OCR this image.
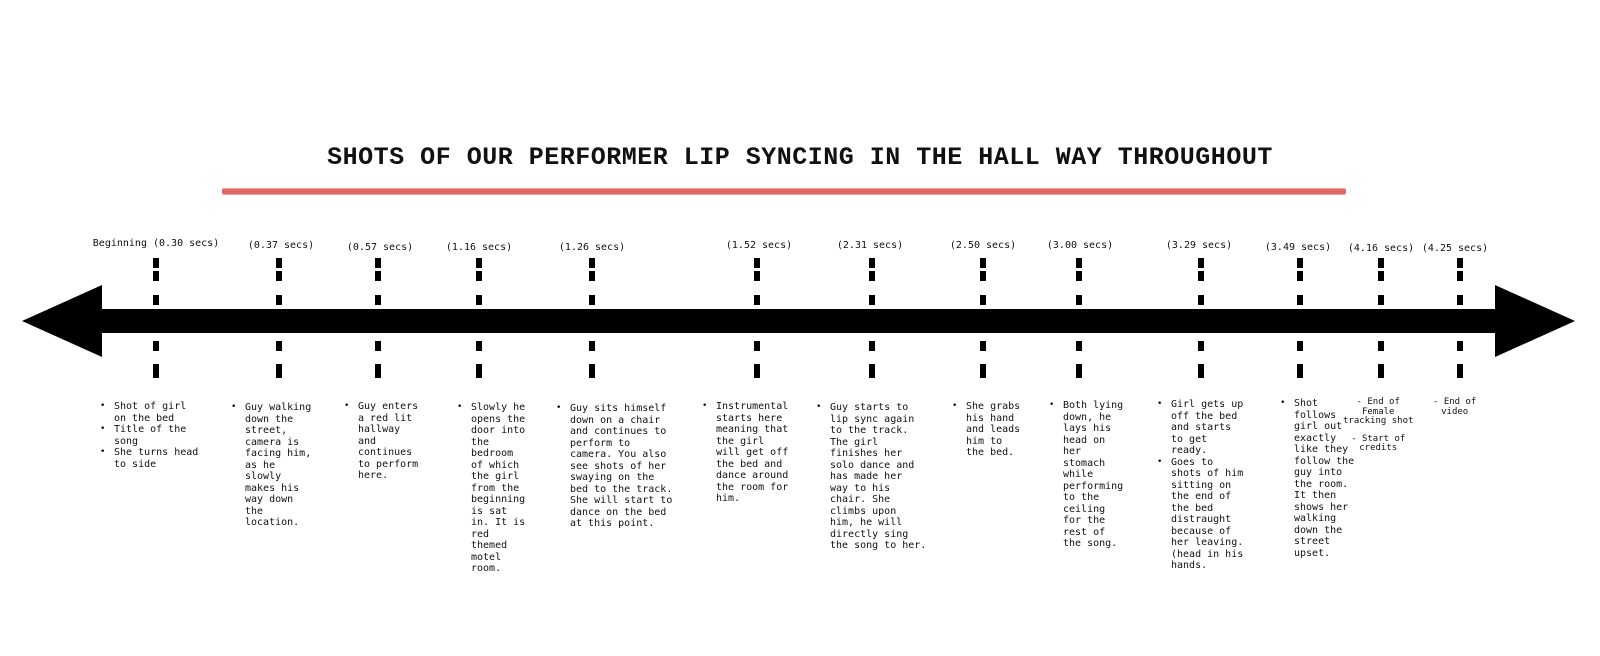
SHOTS OF OUR PERFORMER LIP SYNCING IN THE HALL WAY THROUGHOUT
Beginning (0.30 secs)
• Shot of girl
on the bed
• Title of the
song
• She turns head
to side
(0.37 secs)
• Guy walking
down the
street,
camera is
facing him,
as he
slowly
makes his
way down
the
location.
(0.57 secs)
• Guy enters
a red lit
hallway
and
continues
to perform
here.
(1.16 secs)
• Slowly he
opens the
door into
the
bedroom
of which
the girl
from the
beginning
is sat
in. It is
red
themed
motel
room.
(1.26 secs)
• Guy sits himself
down on a chair
and continues to
perform to
camera. You also
see shots of her
swaying on the
bed to the track.
She will start to
dance on the bed
at this point.
(1.52 secs)
• Instrumental
starts here
meaning that
the girl
will get off
the bed and
dance around
the room for
him.
(2.31 secs)
• Guy starts to
lip sync again
to the track.
The girl
finishes her
solo dance and
has made her
way to his
chair. She
climbs upon
him, he will
directly sing
the song to her.
(2.50 secs)
• She grabs
his hand
and leads
him to
the bed.
(3.00 secs)
• Both lying
down, he
lays his
head on
her
stomach
while
performing
to the
ceiling
for the
rest of
the song.
(3.29 secs)
• Girl gets up
off the bed
and starts
to get
ready.
• Goes to
shots of him
sitting on
the end of
the bed
distraught
because of
her leaving.
(head in his
hands.
(3.49 secs)
• Shot
follows
girl out
exactly
like they
follow the
guy into
the room.
It then
shows her
walking
down the
street
upset.
(4.16 secs)
- End of
Female
tracking shot
- Start of
credits
(4.25 secs)
- End of
video
